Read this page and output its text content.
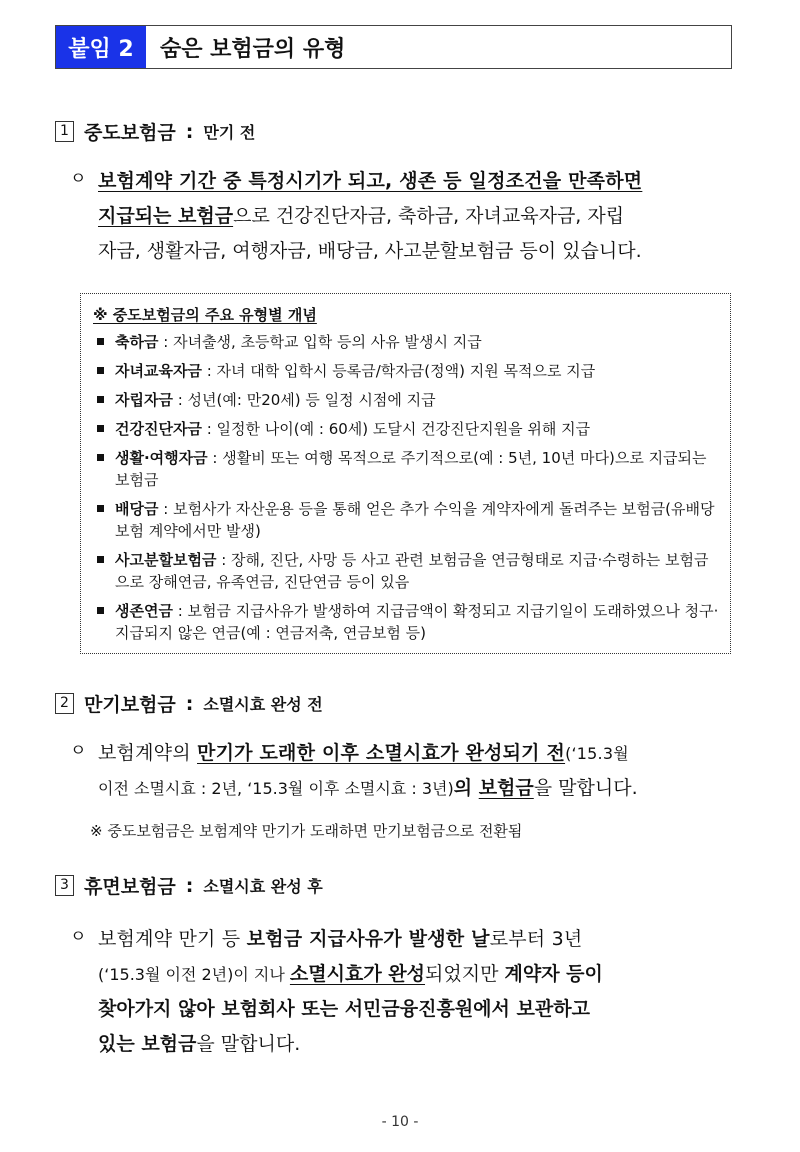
붙임 2	숨은 보험금의 유형
1 중도보험금 : 만기 전
ㅇ 보험계약 기간 중 특정시기가 되고, 생존 등 일정조건을 만족하면
지급되는 보험금으로 건강진단자금, 축하금, 자녀교육자금, 자립
자금, 생활자금, 여행자금, 배당금, 사고분할보험금 등이 있습니다.
※ 중도보험금의 주요 유형별 개념
축하금 : 자녀출생, 초등학교 입학 등의 사유 발생시 지급
자녀교육자금 : 자녀 대학 입학시 등록금/학자금(정액) 지원 목적으로 지급
자립자금 : 성년(예: 만20세) 등 일정 시점에 지급
건강진단자금 : 일정한 나이(예 : 60세) 도달시 건강진단지원을 위해 지급
생활·여행자금 : 생활비 또는 여행 목적으로 주기적으로(예 : 5년, 10년 마다)으로 지급되는 보험금
배당금 : 보험사가 자산운용 등을 통해 얻은 추가 수익을 계약자에게 돌려주는 보험금(유배당보험 계약에서만 발생)
사고분할보험금 : 장해, 진단, 사망 등 사고 관련 보험금을 연금형태로 지급·수령하는 보험금으로 장해연금, 유족연금, 진단연금 등이 있음
생존연금 : 보험금 지급사유가 발생하여 지급금액이 확정되고 지급기일이 도래하였으나 청구·지급되지 않은 연금(예 : 연금저축, 연금보험 등)
2 만기보험금 : 소멸시효 완성 전
ㅇ 보험계약의 만기가 도래한 이후 소멸시효가 완성되기 전(‘15.3월
이전 소멸시효 : 2년, ‘15.3월 이후 소멸시효 : 3년)의 보험금을 말합니다.
※ 중도보험금은 보험계약 만기가 도래하면 만기보험금으로 전환됨
3 휴면보험금 : 소멸시효 완성 후
ㅇ 보험계약 만기 등 보험금 지급사유가 발생한 날로부터 3년
(‘15.3월 이전 2년)이 지나 소멸시효가 완성되었지만 계약자 등이
찾아가지 않아 보험회사 또는 서민금융진흥원에서 보관하고
있는 보험금을 말합니다.
- 10 -
